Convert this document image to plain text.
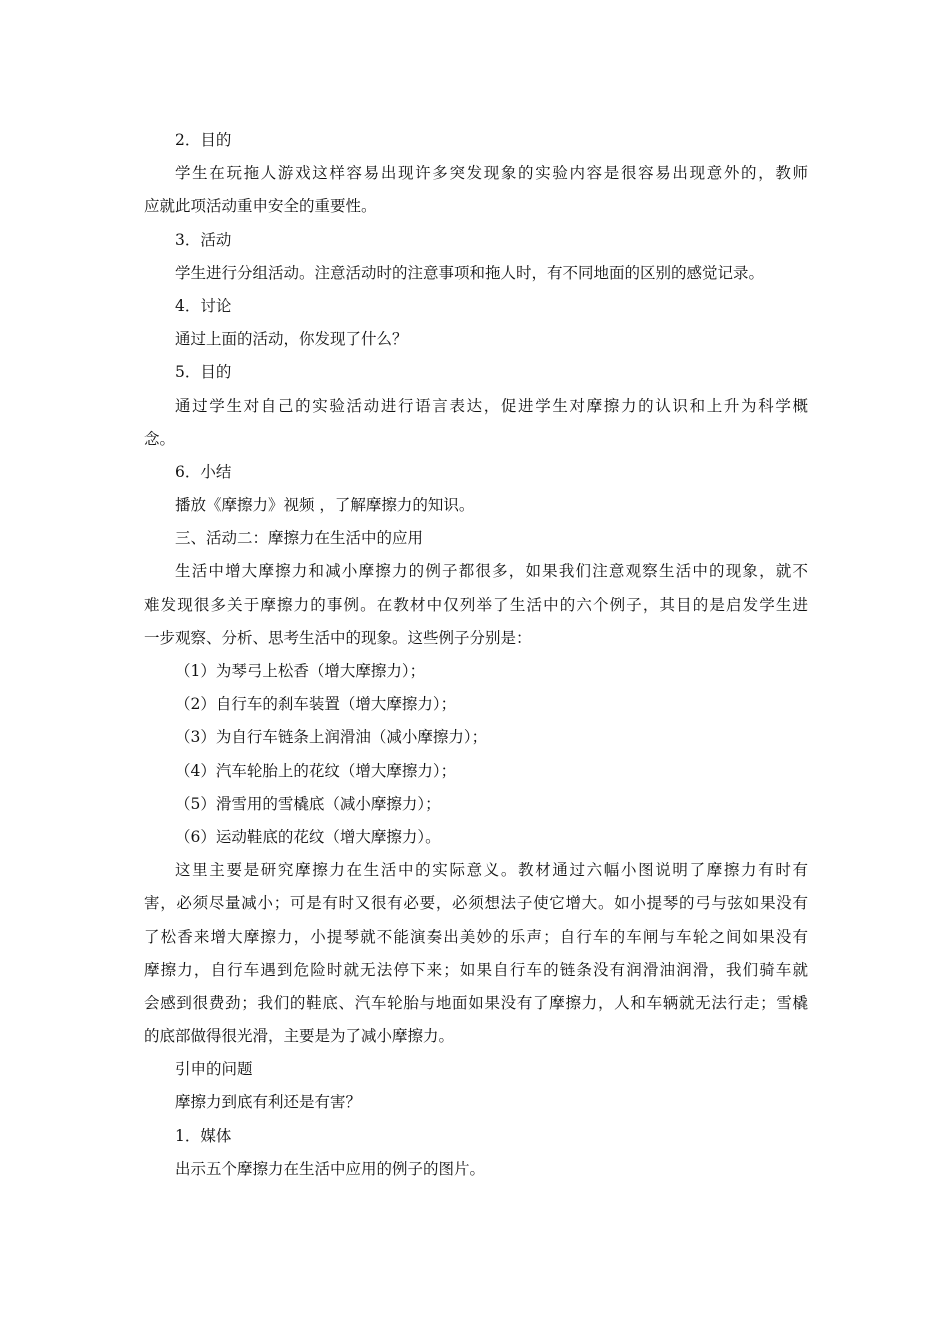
2．目的
学生在玩拖人游戏这样容易出现许多突发现象的实验内容是很容易出现意外的，教师
应就此项活动重申安全的重要性。
3．活动
学生进行分组活动。注意活动时的注意事项和拖人时，有不同地面的区别的感觉记录。
4．讨论
通过上面的活动，你发现了什么？
5．目的
通过学生对自己的实验活动进行语言表达，促进学生对摩擦力的认识和上升为科学概
念。
6．小结
播放《摩擦力》视频 ，了解摩擦力的知识。
三、活动二：摩擦力在生活中的应用
生活中增大摩擦力和减小摩擦力的例子都很多，如果我们注意观察生活中的现象，就不
难发现很多关于摩擦力的事例。在教材中仅列举了生活中的六个例子，其目的是启发学生进
一步观察、分析、思考生活中的现象。这些例子分别是：
（1）为琴弓上松香（增大摩擦力）；
（2）自行车的刹车装置（增大摩擦力）；
（3）为自行车链条上润滑油（减小摩擦力）；
（4）汽车轮胎上的花纹（增大摩擦力）；
（5）滑雪用的雪橇底（减小摩擦力）；
（6）运动鞋底的花纹（增大摩擦力）。
这里主要是研究摩擦力在生活中的实际意义。教材通过六幅小图说明了摩擦力有时有
害，必须尽量减小；可是有时又很有必要，必须想法子使它增大。如小提琴的弓与弦如果没有
了松香来增大摩擦力，小提琴就不能演奏出美妙的乐声；自行车的车闸与车轮之间如果没有
摩擦力，自行车遇到危险时就无法停下来；如果自行车的链条没有润滑油润滑，我们骑车就
会感到很费劲；我们的鞋底、汽车轮胎与地面如果没有了摩擦力，人和车辆就无法行走；雪橇
的底部做得很光滑，主要是为了减小摩擦力。
引申的问题
摩擦力到底有利还是有害？
1．媒体
出示五个摩擦力在生活中应用的例子的图片。
